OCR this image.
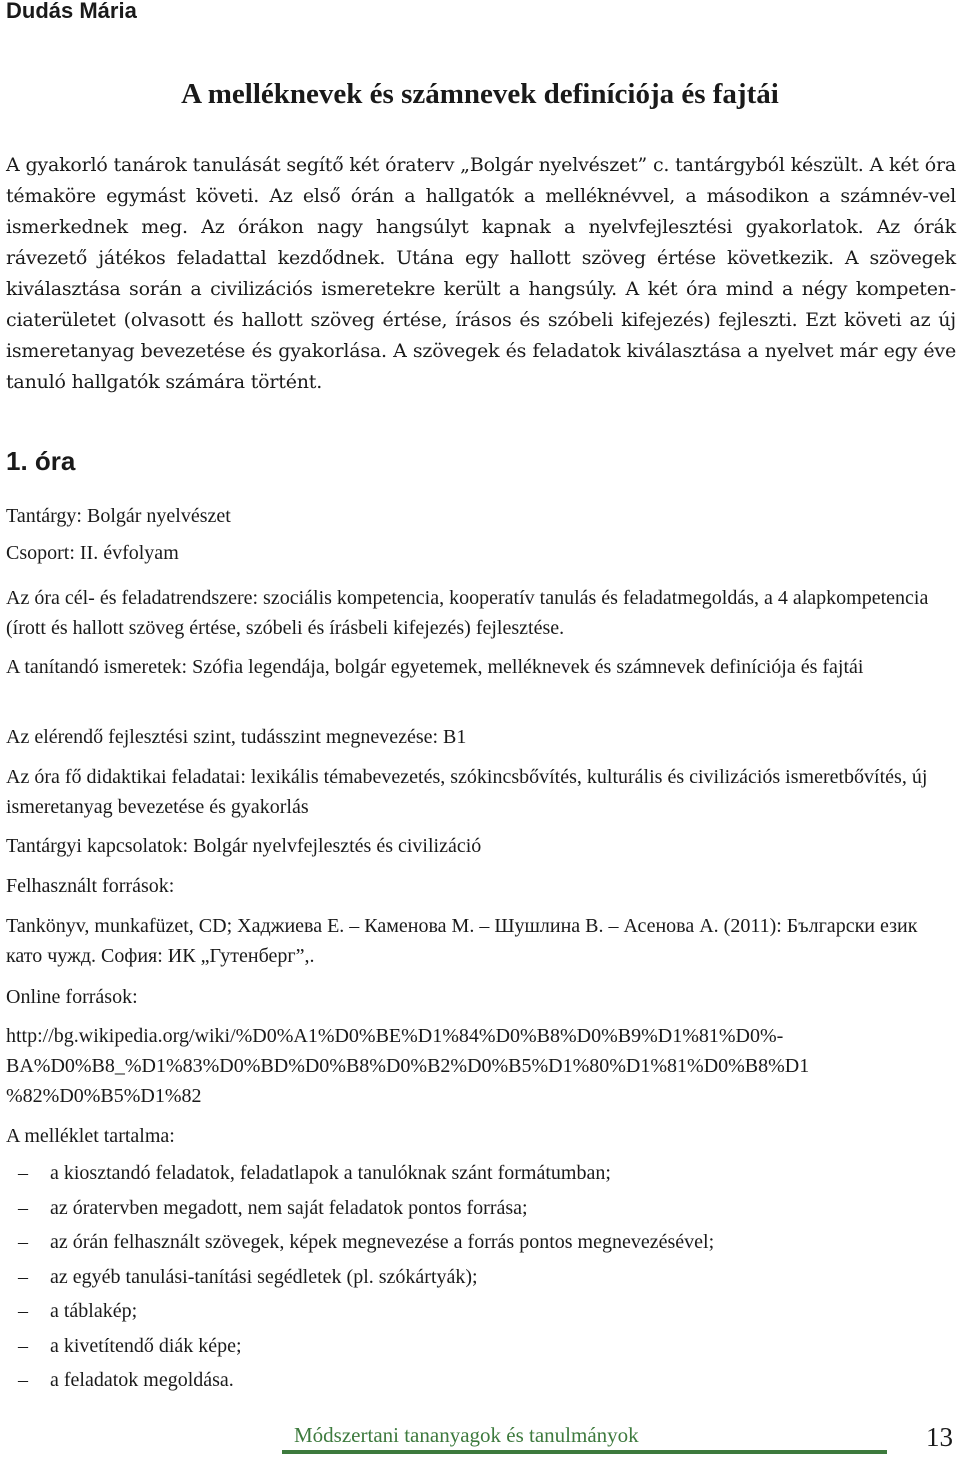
Dudás Mária
A melléknevek és számnevek definíciója és fajtái

A gyakorló tanárok tanulását segítő két óraterv „Bolgár nyelvészet” c. tantárgyból készült. A két óra témaköre egymást követi. Az első órán a hallgatók a melléknévvel, a másodikon a számnév-vel ismerkednek meg. Az órákon nagy hangsúlyt kapnak a nyelvfejlesztési gyakorlatok. Az órák rávezető játékos feladattal kezdődnek. Utána egy hallott szöveg értése következik. A szövegek kiválasztása során a civilizációs ismeretekre került a hangsúly. A két óra mind a négy kompeten-ciaterületet (olvasott és hallott szöveg értése, írásos és szóbeli kifejezés) fejleszti. Ezt követi az új ismeretanyag bevezetése és gyakorlása. A szövegek és feladatok kiválasztása a nyelvet már egy éve tanuló hallgatók számára történt.

1. óra

Tantárgy: Bolgár nyelvészet

Csoport: II. évfolyam

Az óra cél- és feladatrendszere: szociális kompetencia, kooperatív tanulás és feladatmegoldás, a 4 alapkompetencia (írott és hallott szöveg értése, szóbeli és írásbeli kifejezés) fejlesztése.

A tanítandó ismeretek: Szófia legendája, bolgár egyetemek, melléknevek és számnevek definíciója és fajtái

Az elérendő fejlesztési szint, tudásszint megnevezése: B1

Az óra fő didaktikai feladatai: lexikális témabevezetés, szókincsbővítés, kulturális és civilizációs ismeretbővítés, új ismeretanyag bevezetése és gyakorlás

Tantárgyi kapcsolatok: Bolgár nyelvfejlesztés és civilizáció

Felhasznált források:

Tankönyv, munkafüzet, CD; Хаджиева Е. – Каменова М. – Шушлина В. – Асенова А. (2011): Български език като чужд. София: ИК „Гутенберг”,.

Online források:

http://bg.wikipedia.org/wiki/%D0%A1%D0%BE%D1%84%D0%B8%D0%B9%D1%81%D0%-
BA%D0%B8_%D1%83%D0%BD%D0%B8%D0%B2%D0%B5%D1%80%D1%81%D0%B8%D1
%82%D0%B5%D1%82

A melléklet tartalma:

– a kiosztandó feladatok, feladatlapok a tanulóknak szánt formátumban;
– az óratervben megadott, nem saját feladatok pontos forrása;
– az órán felhasznált szövegek, képek megnevezése a forrás pontos megnevezésével;
– az egyéb tanulási-tanítási segédletek (pl. szókártyák);
– a táblakép;
– a kivetítendő diák képe;
– a feladatok megoldása.
Módszertani tananyagok és tanulmányok	13
